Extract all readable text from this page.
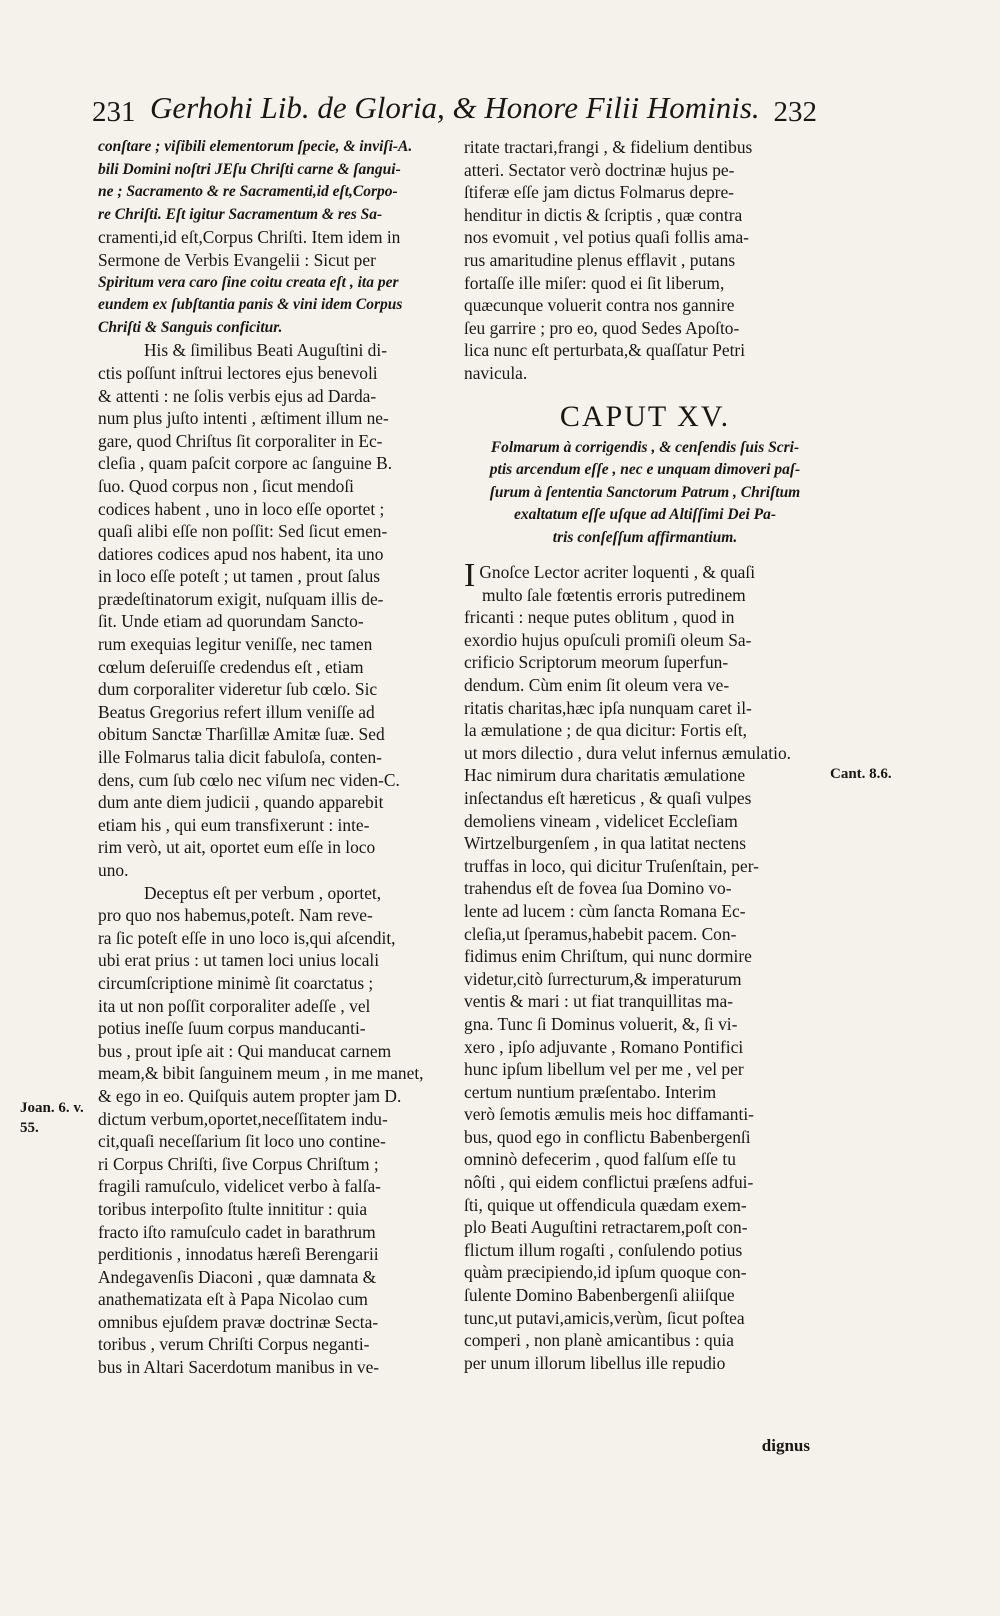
231 Gerhohi Lib. de Gloria, & Honore Filii Hominis. 232
conſtare ; viſibili elementorum ſpecie, & inviſi-A.
bili Domini noſtri JEſu Chriſti carne & ſangui-
ne ; Sacramento & re Sacramenti,id eſt,Corpo-
re Chriſti. Eſt igitur Sacramentum & res Sa-
cramenti,id eſt,Corpus Chriſti. Item idem in
Sermone de Verbis Evangelii : Sicut per
Spiritum vera caro ſine coitu creata eſt , ita per
eundem ex ſubſtantia panis & vini idem Corpus
Chriſti & Sanguis conficitur.
His & ſimilibus Beati Auguſtini di-
ctis poſſunt inſtrui lectores ejus benevoli
& attenti : ne ſolis verbis ejus ad Darda-
num plus juſto intenti , æſtiment illum ne-
gare, quod Chriſtus ſit corporaliter in Ec-
cleſia , quam paſcit corpore ac ſanguine B.
ſuo. Quod corpus non , ſicut mendoſi
codices habent , uno in loco eſſe oportet ;
quaſi alibi eſſe non poſſit: Sed ſicut emen-
datiores codices apud nos habent, ita uno
in loco eſſe poteſt ; ut tamen , prout ſalus
prædeſtinatorum exigit, nuſquam illis de-
ſit. Unde etiam ad quorundam Sancto-
rum exequias legitur veniſſe, nec tamen
cœlum deſeruiſſe credendus eſt , etiam
dum corporaliter videretur ſub cœlo. Sic
Beatus Gregorius refert illum veniſſe ad
obitum Sanctæ Tharſillæ Amitæ ſuæ. Sed
ille Folmarus talia dicit fabuloſa, conten-
dens, cum ſub cœlo nec viſum nec viden-C.
dum ante diem judicii , quando apparebit
etiam his , qui eum transfixerunt : inte-
rim verò, ut ait, oportet eum eſſe in loco
uno.
Deceptus eſt per verbum , oportet,
pro quo nos habemus,poteſt. Nam reve-
ra ſic poteſt eſſe in uno loco is,qui aſcendit,
ubi erat prius : ut tamen loci unius locali
circumſcriptione minimè ſit coarctatus ;
ita ut non poſſit corporaliter adeſſe , vel
potius ineſſe ſuum corpus manducanti-
bus , prout ipſe ait : Qui manducat carnem
meam,& bibit ſanguinem meum , in me manet,
& ego in eo. Quiſquis autem propter jam D.
dictum verbum,oportet,neceſſitatem indu-
cit,quaſi neceſſarium ſit loco uno contine-
ri Corpus Chriſti, ſive Corpus Chriſtum ;
fragili ramuſculo, videlicet verbo à falſa-
toribus interpoſito ſtulte innititur : quia
fracto iſto ramuſculo cadet in barathrum
perditionis , innodatus hæreſi Berengarii
Andegavenſis Diaconi , quæ damnata &
anathematizata eſt à Papa Nicolao cum
omnibus ejuſdem pravæ doctrinæ Secta-
toribus , verum Chriſti Corpus neganti-
bus in Altari Sacerdotum manibus in ve-
ritate tractari,frangi , & fidelium dentibus
atteri. Sectator verò doctrinæ hujus pe-
ſtiferæ eſſe jam dictus Folmarus depre-
henditur in dictis & ſcriptis , quæ contra
nos evomuit , vel potius quaſi follis ama-
rus amaritudine plenus efflavit , putans
fortaſſe ille miſer: quod ei ſit liberum,
quæcunque voluerit contra nos gannire
ſeu garrire ; pro eo, quod Sedes Apoſto-
lica nunc eſt perturbata,& quaſſatur Petri
navicula.
CAPUT XV.
Folmarum à corrigendis , & cenſendis ſuis Scri-
ptis arcendum eſſe , nec e unquam dimoveri paſ-
ſurum à ſententia Sanctorum Patrum , Chriſtum
exaltatum eſſe uſque ad Altiſſimi Dei Pa-
tris conſeſſum affirmantium.
I Gnoſce Lector acriter loquenti , & quaſi
multo ſale fœtentis erroris putredinem
fricanti : neque putes oblitum , quod in
exordio hujus opuſculi promiſi oleum Sa-
crificio Scriptorum meorum ſuperfun-
dendum. Cùm enim ſit oleum vera ve-
ritatis charitas,hæc ipſa nunquam caret il-
la æmulatione ; de qua dicitur: Fortis eſt,
ut mors dilectio , dura velut infernus æmulatio.
Hac nimirum dura charitatis æmulatione
inſectandus eſt hæreticus , & quaſi vulpes
demoliens vineam , videlicet Eccleſiam
Wirtzelburgenſem , in qua latitat nectens
truffas in loco, qui dicitur Truſenſtain, per-
trahendus eſt de fovea ſua Domino vo-
lente ad lucem : cùm ſancta Romana Ec-
cleſia,ut ſperamus,habebit pacem. Con-
fidimus enim Chriſtum, qui nunc dormire
videtur,citò ſurrecturum,& imperaturum
ventis & mari : ut fiat tranquillitas ma-
gna. Tunc ſi Dominus voluerit, &, ſi vi-
xero , ipſo adjuvante , Romano Pontifici
hunc ipſum libellum vel per me , vel per
certum nuntium præſentabo. Interim
verò ſemotis æmulis meis hoc diffamanti-
bus, quod ego in conflictu Babenbergenſi
omninò defecerim , quod falſum eſſe tu
nôſti , qui eidem conflictui præſens adfui-
ſti, quique ut offendicula quædam exem-
plo Beati Auguſtini retractarem,poſt con-
flictum illum rogaſti , conſulendo potius
quàm præcipiendo,id ipſum quoque con-
ſulente Domino Babenbergenſi aliiſque
tunc,ut putavi,amicis,verùm, ſicut poſtea
comperi , non planè amicantibus : quia
per unum illorum libellus ille repudio
Joan. 6. v. 55.
Cant. 8.6.
dignus
